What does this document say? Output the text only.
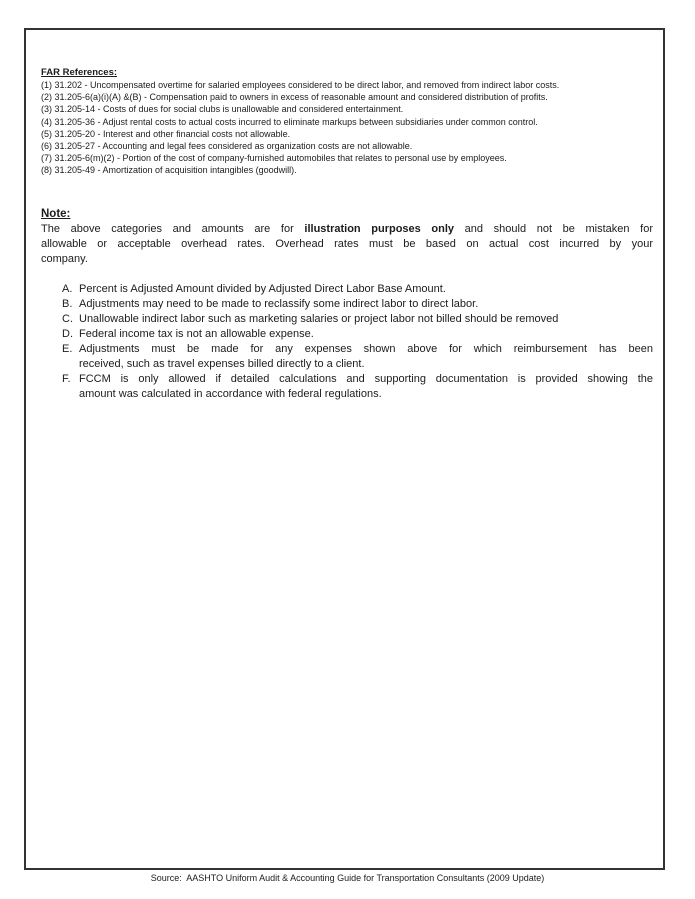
FAR References:
(1) 31.202 - Uncompensated overtime for salaried employees considered to be direct labor, and removed from indirect labor costs.
(2) 31.205-6(a)(i)(A) &(B) - Compensation paid to owners in excess of reasonable amount and considered distribution of profits.
(3) 31.205-14 - Costs of dues for social clubs is unallowable and considered entertainment.
(4) 31.205-36 - Adjust rental costs to actual costs incurred to eliminate markups between subsidiaries under common control.
(5) 31.205-20 - Interest and other financial costs not allowable.
(6) 31.205-27 - Accounting and legal fees considered as organization costs are not allowable.
(7) 31.205-6(m)(2) - Portion of the cost of company-furnished automobiles that relates to personal use by employees.
(8) 31.205-49 - Amortization of acquisition intangibles (goodwill).
Note:
The above categories and amounts are for illustration purposes only and should not be mistaken for
allowable or acceptable overhead rates. Overhead rates must be based on actual cost incurred by your
company.
A. Percent is Adjusted Amount divided by Adjusted Direct Labor Base Amount.
B. Adjustments may need to be made to reclassify some indirect labor to direct labor.
C. Unallowable indirect labor such as marketing salaries or project labor not billed should be removed
D. Federal income tax is not an allowable expense.
E. Adjustments must be made for any expenses shown above for which reimbursement has been
received, such as travel expenses billed directly to a client.
F. FCCM is only allowed if detailed calculations and supporting documentation is provided showing the
amount was calculated in accordance with federal regulations.
Source:  AASHTO Uniform Audit & Accounting Guide for Transportation Consultants (2009 Update)
